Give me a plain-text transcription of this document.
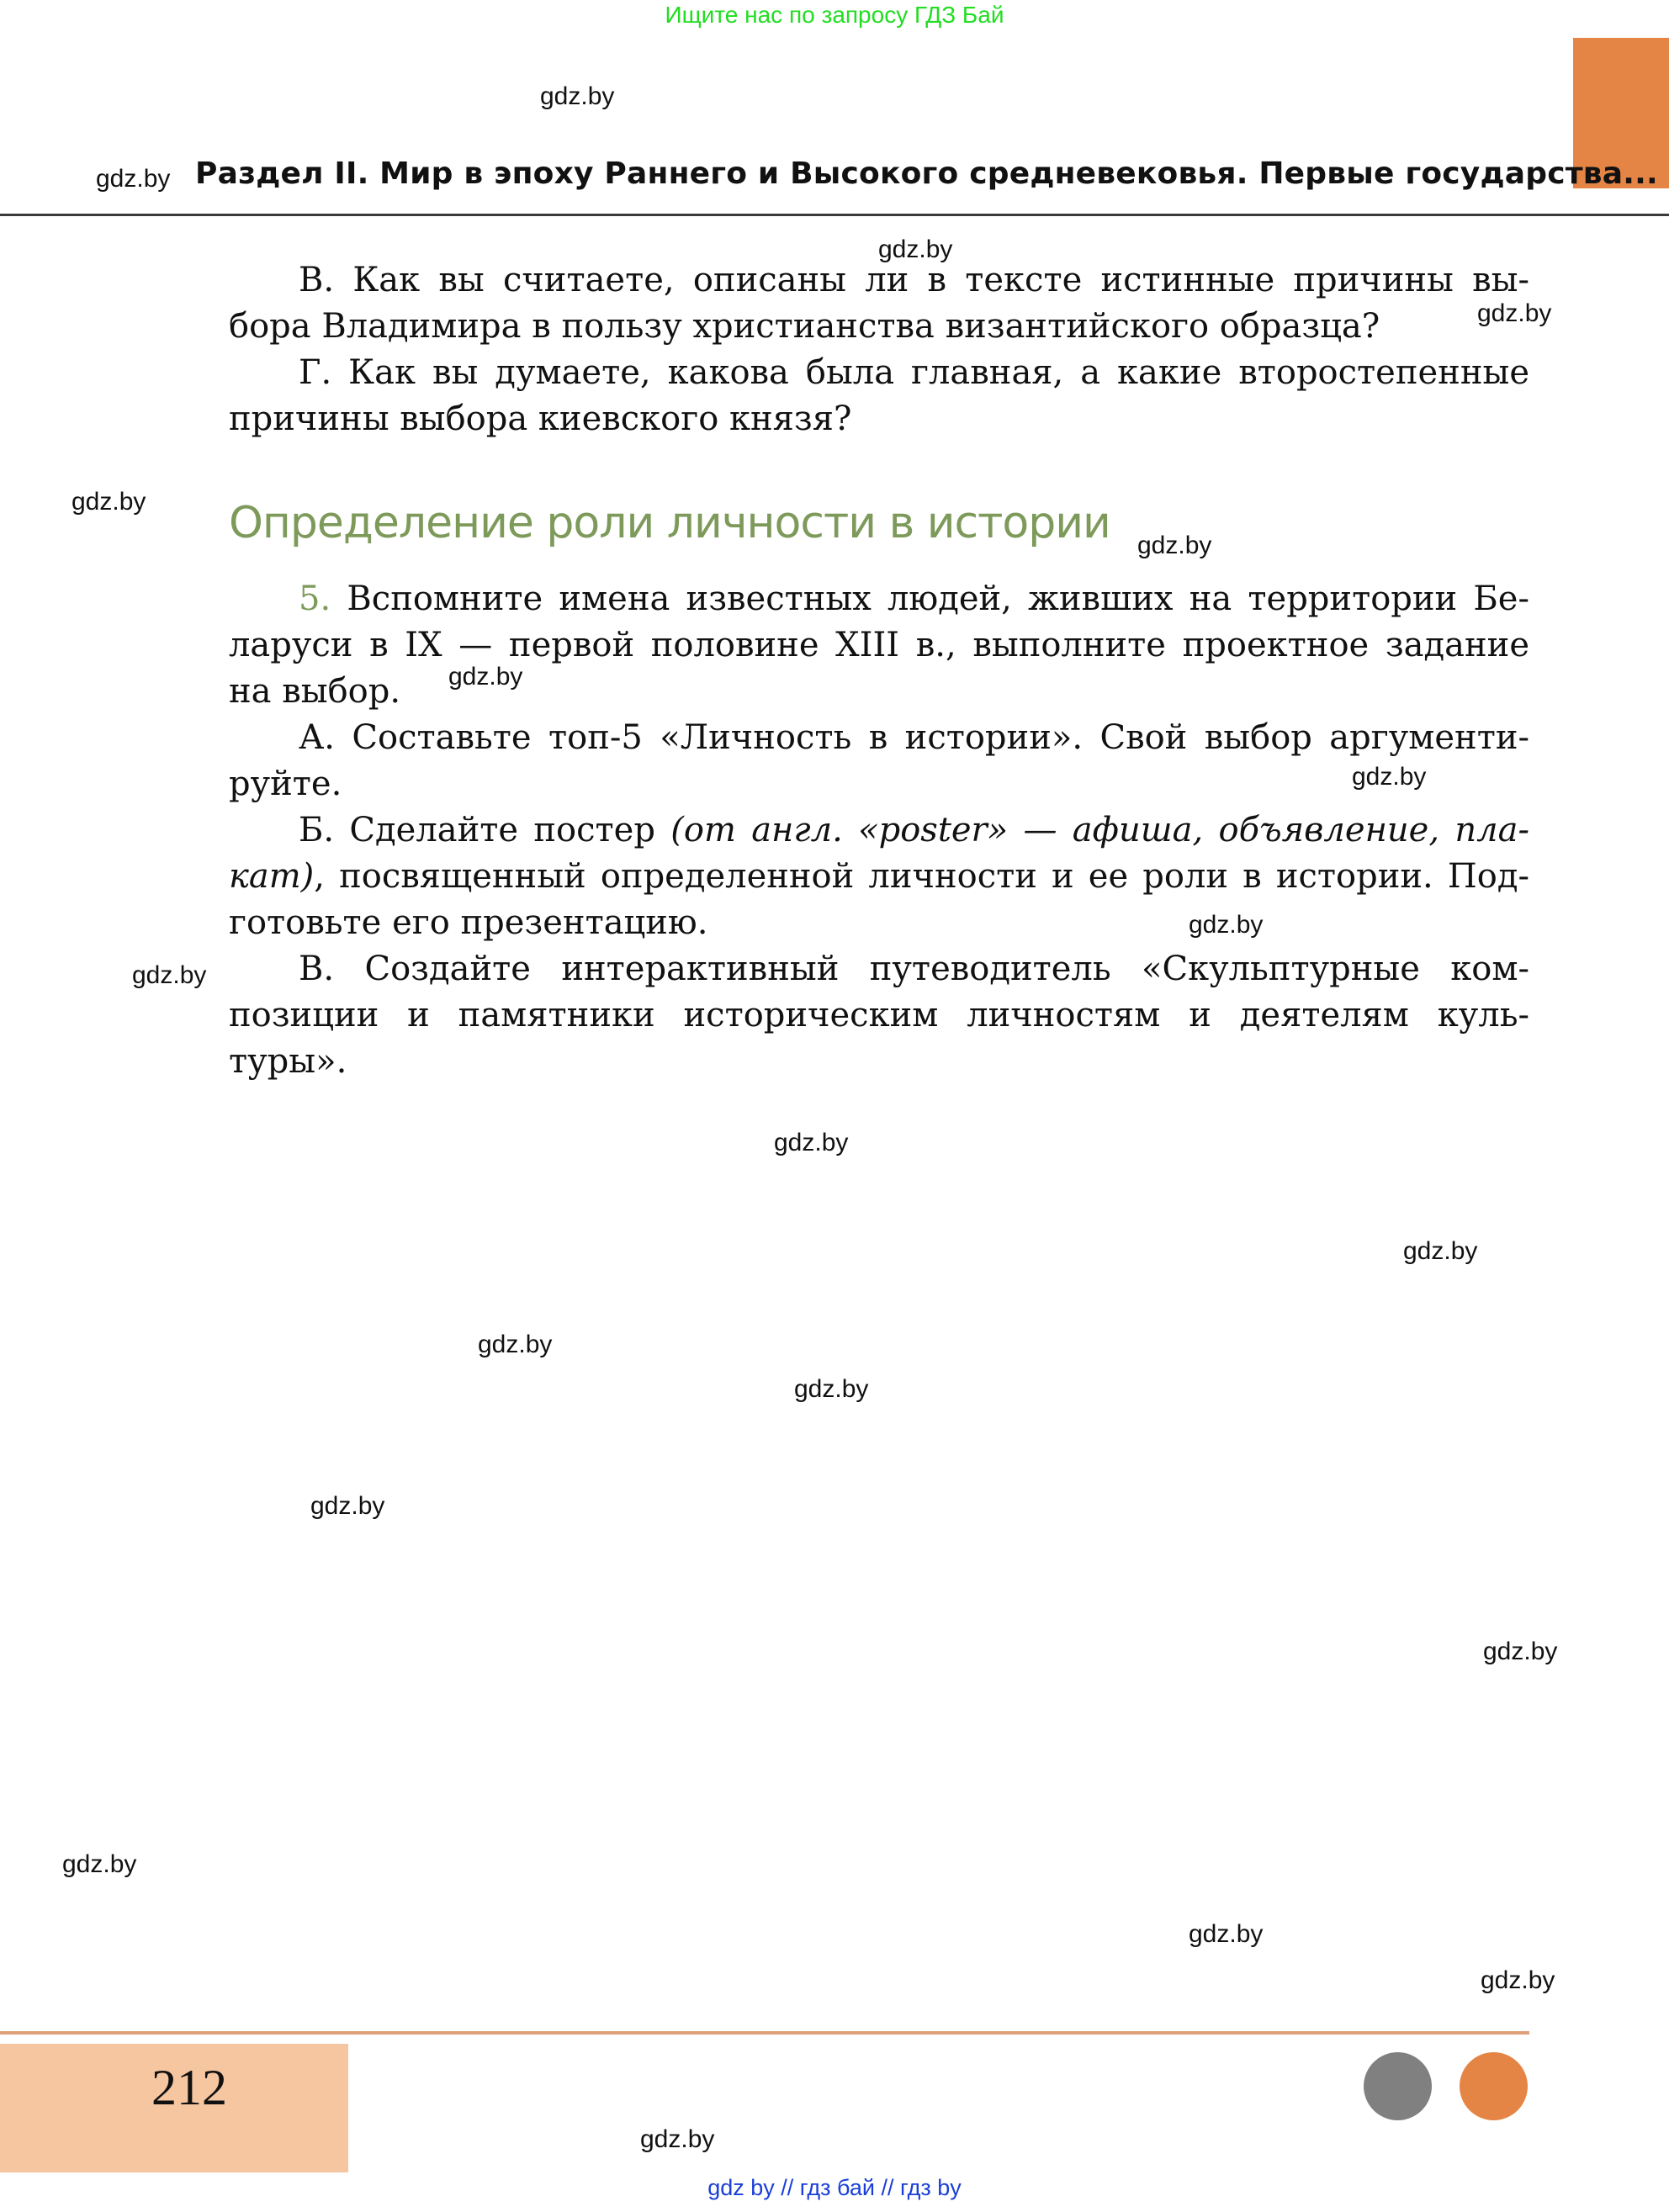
Ищите нас по запросу ГДЗ Бай
gdz.by
gdz.by Раздел II. Мир в эпоху Раннего и Высокого средневековья. Первые государства...
В. Как вы считаете, описаны ли в тексте истинные причины вы-
бора Владимира в пользу христианства византийского образца?
Г. Как вы думаете, какова была главная, а какие второстепенные
причины выбора киевского князя?
Определение роли личности в истории
5. Вспомните имена известных людей, живших на территории Бе-
ларуси в IX — первой половине XIII в., выполните проектное задание
на выбор.
А. Составьте топ-5 «Личность в истории». Свой выбор аргументи-
руйте.
Б. Сделайте постер (от англ. «poster» — афиша, объявление, пла-
кат), посвященный определенной личности и ее роли в истории. Под-
готовьте его презентацию.
В. Создайте интерактивный путеводитель «Скульптурные ком-
позиции и памятники историческим личностям и деятелям куль-
туры».
gdz.by
gdz.by
gdz.by
gdz.by
gdz.by
gdz.by
gdz.by
gdz.by
gdz.by
gdz.by
gdz.by
gdz.by
gdz.by
gdz.by
gdz.by
gdz.by
gdz.by
gdz.by
212
gdz by // гдз бай // гдз by
